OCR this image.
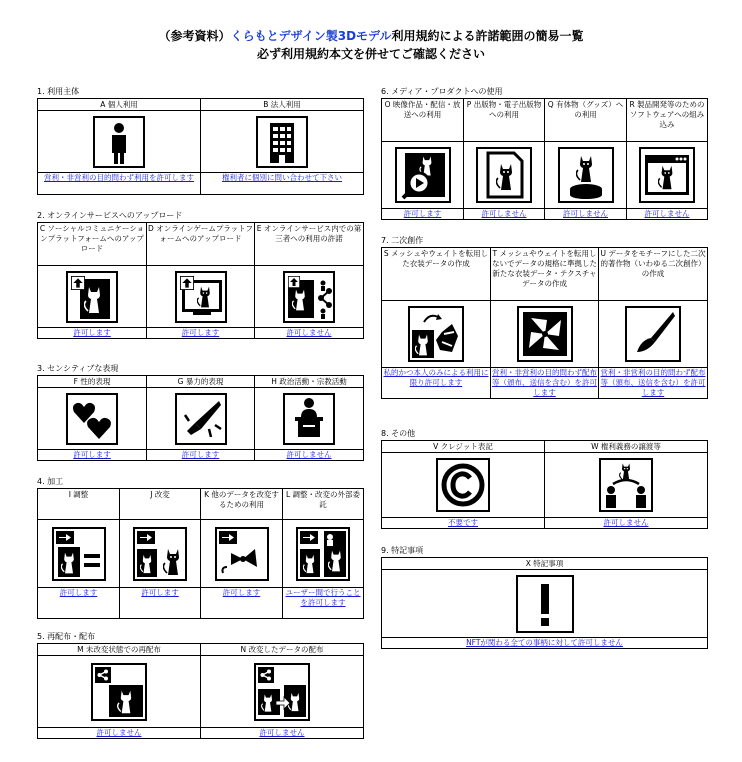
（参考資料）くらもとデザイン製3Dモデル利用規約による許諾範囲の簡易一覧
必ず利用規約本文を併せてご確認ください
1. 利用主体
A 個人利用	B 法人利用

営利・非営利の目的問わず利用を許可します	権利者に個別に問い合わせて下さい
2. オンラインサービスへのアップロード
C ソーシャルコミュニケーションプラットフォームへのアップロード	D オンラインゲームプラットフォームへのアップロード	E オンラインサービス内での第三者への利用の許諾

許可します	許可します	許可しません
3. センシティブな表現
F 性的表現	G 暴力的表現	H 政治活動・宗教活動

許可します	許可します	許可しません
4. 加工
I 調整	J 改変	K 他のデータを改変するための利用	L 調整・改変の外部委託

許可します	許可します	許可します	ユーザー間で行うことを許可します
5. 再配布・配布
M 未改変状態での再配布	N 改変したデータの配布

許可しません	許可しません
6. メディア・プロダクトへの使用
O 映像作品・配信・放送への利用	P 出版物・電子出版物への利用	Q 有体物（グッズ）への利用	R 製品開発等のためのソフトウェアへの組み込み

許可します	許可しません	許可しません	許可しません
7. 二次創作
S メッシュやウェイトを転用した衣装データの作成	T メッシュやウェイトを転用しないでデータの規格に準拠した新たな衣装データ・テクスチャデータの作成	U データをモチーフにした二次的著作物（いわゆる二次創作）の作成

私的かつ本人のみによる利用に限り許可します	営利・非営利の目的問わず配布等（頒布、送信を含む）を許可します	営利・非営利の目的問わず配布等（頒布、送信を含む）を許可します
8. その他
V クレジット表記	W 権利義務の譲渡等

不要です	許可しません
9. 特記事項
X 特記事項

NFTが関わる全ての事柄に対して許可しません
